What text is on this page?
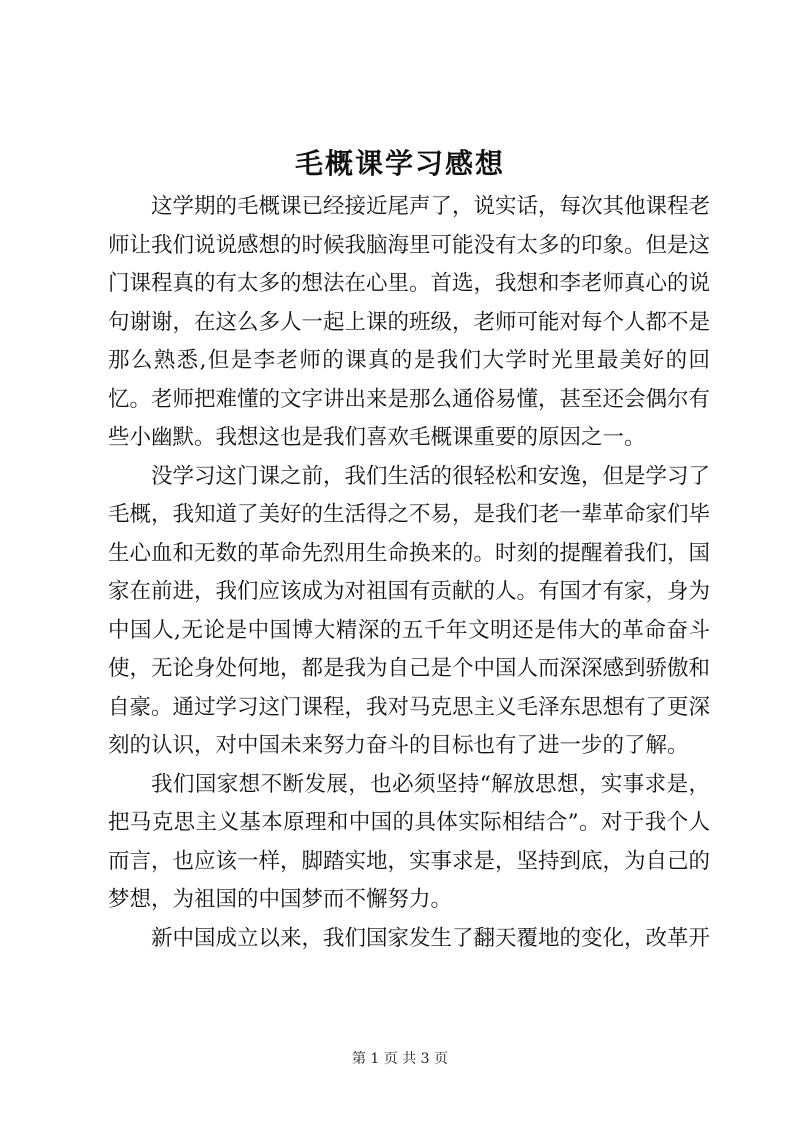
毛概课学习感想

这学期的毛概课已经接近尾声了，说实话，每次其他课程老师让我们说说感想的时候我脑海里可能没有太多的印象。但是这门课程真的有太多的想法在心里。首选，我想和李老师真心的说句谢谢，在这么多人一起上课的班级，老师可能对每个人都不是那么熟悉,但是李老师的课真的是我们大学时光里最美好的回忆。老师把难懂的文字讲出来是那么通俗易懂，甚至还会偶尔有些小幽默。我想这也是我们喜欢毛概课重要的原因之一。

没学习这门课之前，我们生活的很轻松和安逸，但是学习了毛概，我知道了美好的生活得之不易，是我们老一辈革命家们毕生心血和无数的革命先烈用生命换来的。时刻的提醒着我们，国家在前进，我们应该成为对祖国有贡献的人。有国才有家，身为中国人,无论是中国博大精深的五千年文明还是伟大的革命奋斗使，无论身处何地，都是我为自己是个中国人而深深感到骄傲和自豪。通过学习这门课程，我对马克思主义毛泽东思想有了更深刻的认识，对中国未来努力奋斗的目标也有了进一步的了解。

我们国家想不断发展，也必须坚持“解放思想，实事求是，把马克思主义基本原理和中国的具体实际相结合”。对于我个人而言，也应该一样，脚踏实地，实事求是，坚持到底，为自己的梦想，为祖国的中国梦而不懈努力。

新中国成立以来，我们国家发生了翻天覆地的变化，改革开

第 1 页 共 3 页
